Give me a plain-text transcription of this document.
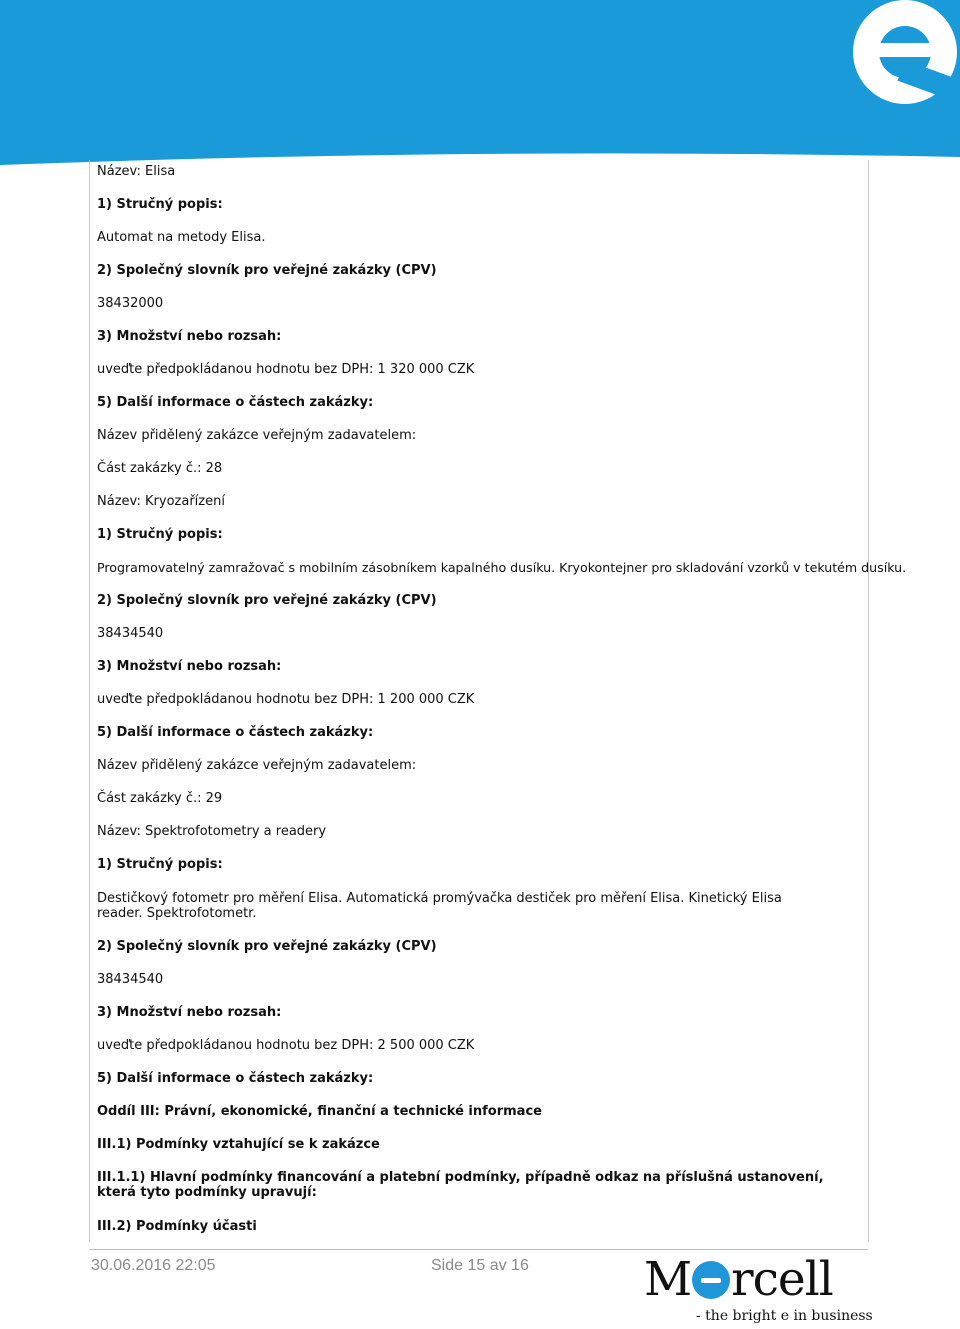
Název: Elisa
1) Stručný popis:
Automat na metody Elisa.
2) Společný slovník pro veřejné zakázky (CPV)
38432000
3) Množství nebo rozsah:
uveďte předpokládanou hodnotu bez DPH: 1 320 000 CZK
5) Další informace o částech zakázky:
Název přidělený zakázce veřejným zadavatelem:
Část zakázky č.: 28
Název: Kryozařízení
1) Stručný popis:
Programovatelný zamražovač s mobilním zásobníkem kapalného dusíku. Kryokontejner pro skladování vzorků v tekutém dusíku.
2) Společný slovník pro veřejné zakázky (CPV)
38434540
3) Množství nebo rozsah:
uveďte předpokládanou hodnotu bez DPH: 1 200 000 CZK
5) Další informace o částech zakázky:
Název přidělený zakázce veřejným zadavatelem:
Část zakázky č.: 29
Název: Spektrofotometry a readery
1) Stručný popis:
Destičkový fotometr pro měření Elisa. Automatická promývačka destiček pro měření Elisa. Kinetický Elisa reader. Spektrofotometr.
2) Společný slovník pro veřejné zakázky (CPV)
38434540
3) Množství nebo rozsah:
uveďte předpokládanou hodnotu bez DPH: 2 500 000 CZK
5) Další informace o částech zakázky:
Oddíl III: Právní, ekonomické, finanční a technické informace
III.1) Podmínky vztahující se k zakázce
III.1.1) Hlavní podmínky financování a platební podmínky, případně odkaz na příslušná ustanovení, která tyto podmínky upravují:
III.2) Podmínky účasti
30.06.2016 22:05	Side 15 av 16 M rcell
- the bright e in business
